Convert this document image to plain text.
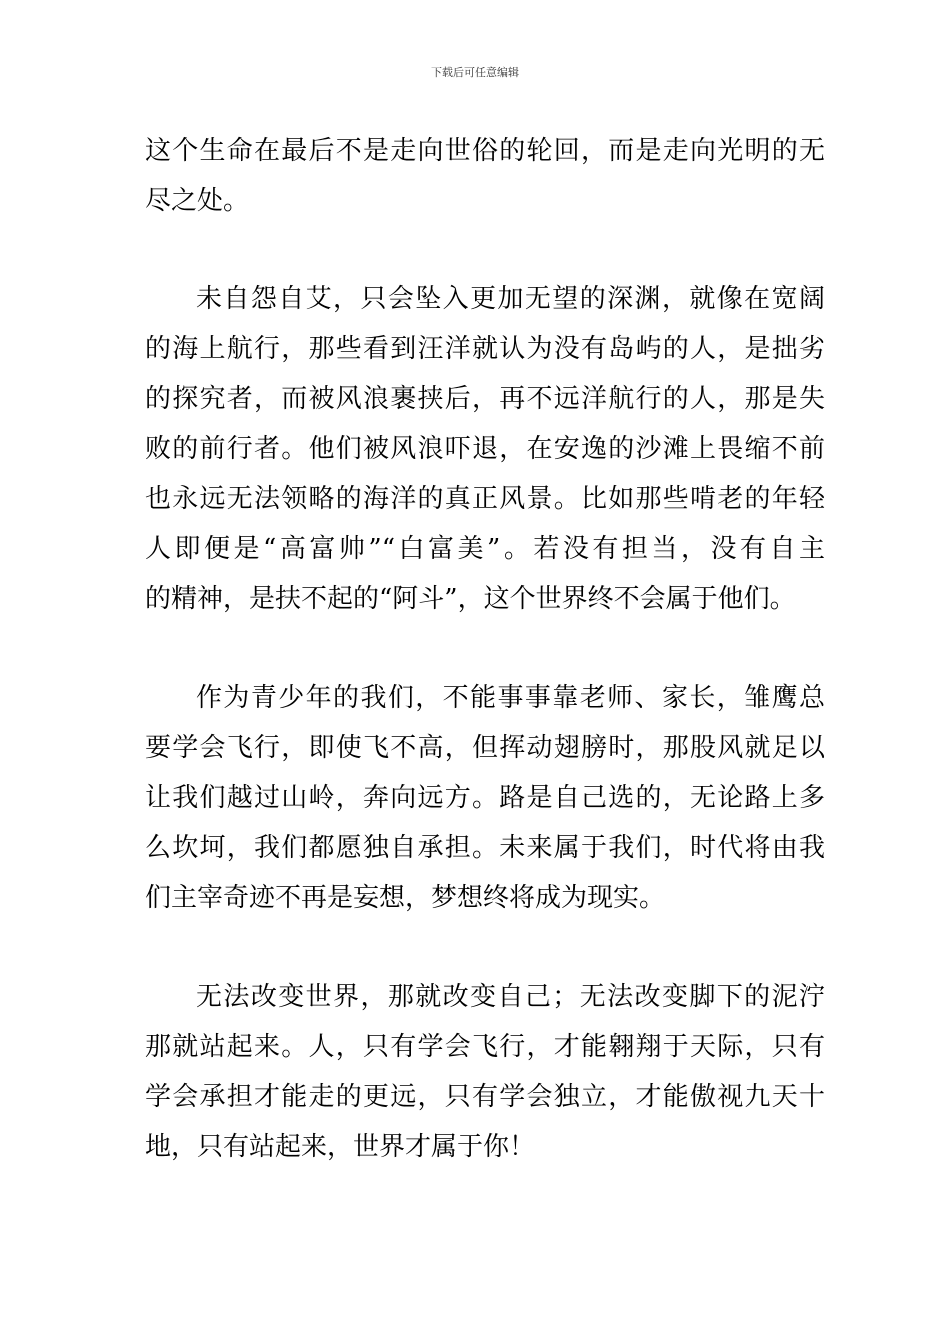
下载后可任意编辑
这个生命在最后不是走向世俗的轮回，而是走向光明的无
尽之处。
未自怨自艾，只会坠入更加无望的深渊，就像在宽阔
的海上航行，那些看到汪洋就认为没有岛屿的人，是拙劣
的探究者，而被风浪裹挟后，再不远洋航行的人，那是失
败的前行者。他们被风浪吓退，在安逸的沙滩上畏缩不前
也永远无法领略的海洋的真正风景。比如那些啃老的年轻
人即便是“高富帅”“白富美”。若没有担当，没有自主
的精神，是扶不起的“阿斗”，这个世界终不会属于他们。
作为青少年的我们，不能事事靠老师、家长，雏鹰总
要学会飞行，即使飞不高，但挥动翅膀时，那股风就足以
让我们越过山岭，奔向远方。路是自己选的，无论路上多
么坎坷，我们都愿独自承担。未来属于我们，时代将由我
们主宰奇迹不再是妄想，梦想终将成为现实。
无法改变世界，那就改变自己；无法改变脚下的泥泞
那就站起来。人，只有学会飞行，才能翱翔于天际，只有
学会承担才能走的更远，只有学会独立，才能傲视九天十
地，只有站起来，世界才属于你！
